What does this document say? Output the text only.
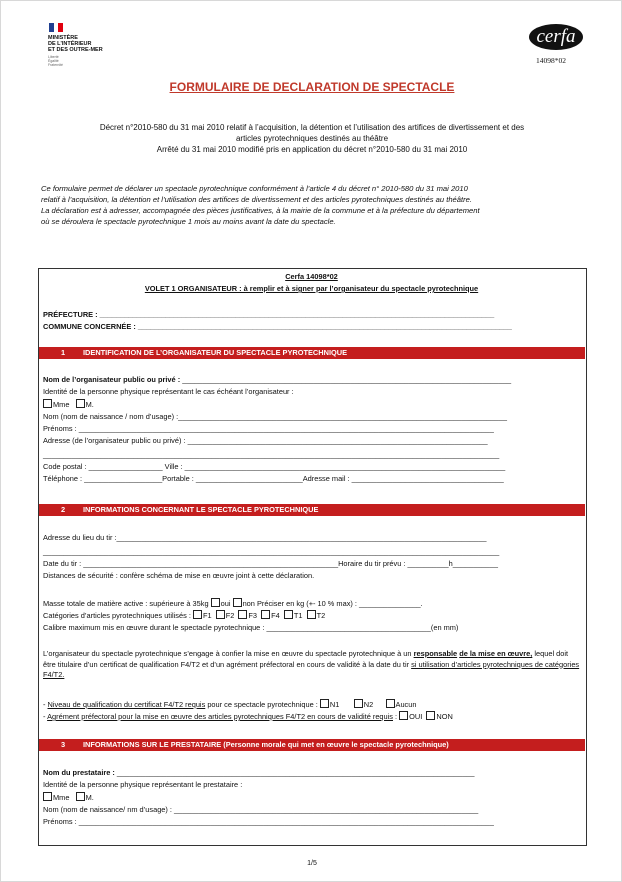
MINISTÈRE
DE L'INTÉRIEUR
ET DES OUTRE-MER
Liberté
Égalité
Fraternité
cerfa
14098*02
FORMULAIRE DE DECLARATION DE SPECTACLE
Décret n°2010-580 du 31 mai 2010 relatif à l’acquisition, la détention et l’utilisation des artifices de divertissement et des
articles pyrotechniques destinés au théâtre
Arrêté du 31 mai 2010 modifié pris en application du décret n°2010-580 du 31 mai 2010
Ce formulaire permet de déclarer un spectacle pyrotechnique conformément à l’article 4 du décret n° 2010-580 du 31 mai 2010
relatif à l’acquisition, la détention et l’utilisation des artifices de divertissement et des articles pyrotechniques destinés au théâtre.
La déclaration est à adresser, accompagnée des pièces justificatives, à la mairie de la commune et à la préfecture du département
où se déroulera le spectacle pyrotechnique 1 mois au moins avant la date du spectacle.
Cerfa 14098*02
VOLET 1 ORGANISATEUR : à remplir et à signer par l’organisateur du spectacle pyrotechnique
PRÉFECTURE : ________________________________________________________________________________________________
COMMUNE CONCERNÉE : ___________________________________________________________________________________________
1 IDENTIFICATION DE L’ORGANISATEUR DU SPECTACLE PYROTECHNIQUE
Nom de l’organisateur public ou privé : ________________________________________________________________________________
Identité de la personne physique représentant le cas échéant l’organisateur :
Mme M.
Nom (nom de naissance / nom d’usage) :________________________________________________________________________________
Prénoms : _____________________________________________________________________________________________________
Adresse (de l’organisateur public ou privé) : _________________________________________________________________________
_______________________________________________________________________________________________________________
Code postal : __________________ Ville : ______________________________________________________________________________
Téléphone : ___________________Portable : __________________________Adresse mail : _____________________________________
2 INFORMATIONS CONCERNANT LE SPECTACLE PYROTECHNIQUE
Adresse du lieu du tir :__________________________________________________________________________________________
_______________________________________________________________________________________________________________
Date du tir : ______________________________________________________________Horaire du tir prévu : __________h___________
Distances de sécurité : confère schéma de mise en œuvre joint à cette déclaration.
Masse totale de matière active : supérieure à 35kg oui non Préciser en kg (+- 10 % max) : _______________.
Catégories d’articles pyrotechniques utilisés : F1 F2 F3 F4 T1 T2
Calibre maximum mis en œuvre durant le spectacle pyrotechnique : ________________________________________(en mm)
L’organisateur du spectacle pyrotechnique s’engage à confier la mise en œuvre du spectacle pyrotechnique à un responsable de la mise en œuvre, lequel doit être titulaire d’un certificat de qualification F4/T2 et d’un agrément préfectoral en cours de validité à la date du tir si utilisation d’articles pyrotechniques de catégories F4/T2.
- Niveau de qualification du certificat F4/T2 requis pour ce spectacle pyrotechnique : N1	N2	Aucun
- Agrément préfectoral pour la mise en œuvre des articles pyrotechniques F4/T2 en cours de validité requis : OUI NON
3 INFORMATIONS SUR LE PRESTATAIRE (Personne morale qui met en œuvre le spectacle pyrotechnique)
Nom du prestataire : _______________________________________________________________________________________
Identité de la personne physique représentant le prestataire :
Mme M.
Nom (nom de naissance/ nm d’usage) : __________________________________________________________________________
Prénoms : _____________________________________________________________________________________________________
1/5
